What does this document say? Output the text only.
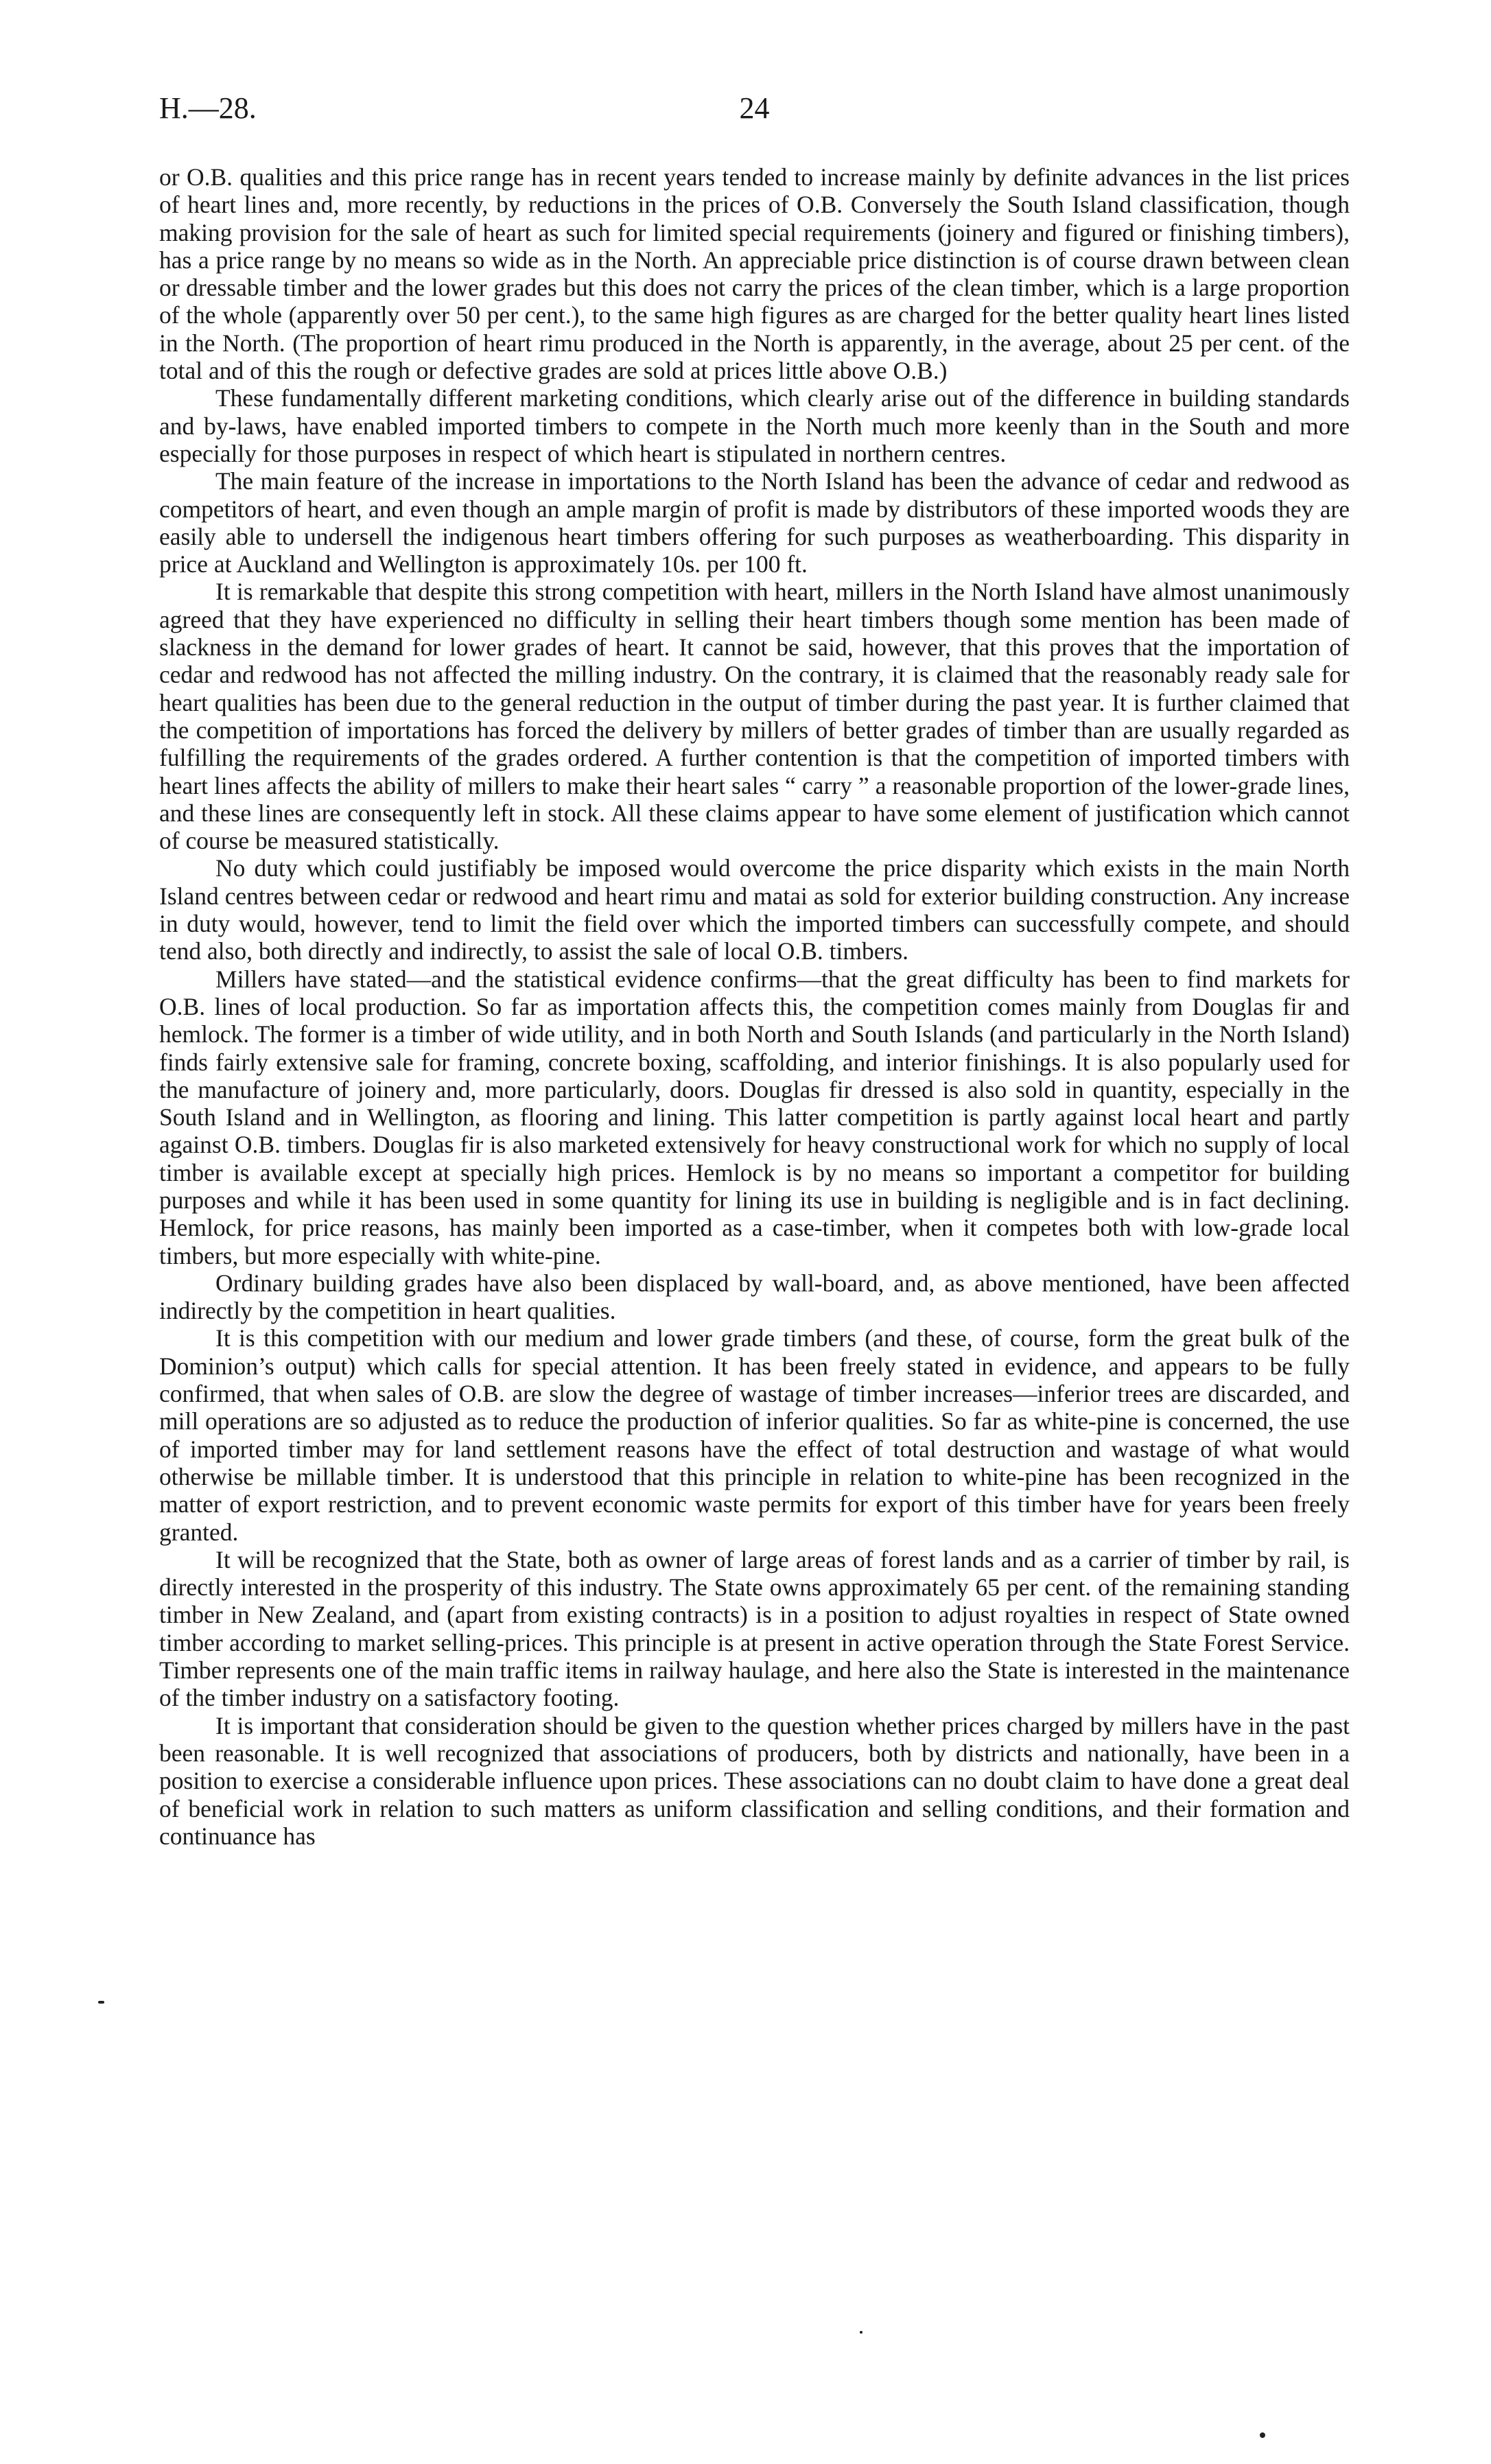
H.—28.	24

or O.B. qualities and this price range has in recent years tended to increase mainly by definite advances in the list prices of heart lines and, more recently, by reductions in the prices of O.B. Conversely the South Island classification, though making provision for the sale of heart as such for limited special requirements (joinery and figured or finishing timbers), has a price range by no means so wide as in the North. An appreciable price distinction is of course drawn between clean or dressable timber and the lower grades but this does not carry the prices of the clean timber, which is a large proportion of the whole (apparently over 50 per cent.), to the same high figures as are charged for the better quality heart lines listed in the North. (The proportion of heart rimu produced in the North is apparently, in the average, about 25 per cent. of the total and of this the rough or defective grades are sold at prices little above O.B.)

These fundamentally different marketing conditions, which clearly arise out of the difference in building standards and by-laws, have enabled imported timbers to compete in the North much more keenly than in the South and more especially for those purposes in respect of which heart is stipulated in northern centres.

The main feature of the increase in importations to the North Island has been the advance of cedar and redwood as competitors of heart, and even though an ample margin of profit is made by distributors of these imported woods they are easily able to undersell the indigenous heart timbers offering for such purposes as weatherboarding. This disparity in price at Auckland and Wellington is approximately 10s. per 100 ft.

It is remarkable that despite this strong competition with heart, millers in the North Island have almost unanimously agreed that they have experienced no difficulty in selling their heart timbers though some mention has been made of slackness in the demand for lower grades of heart. It cannot be said, however, that this proves that the importation of cedar and redwood has not affected the milling industry. On the contrary, it is claimed that the reasonably ready sale for heart qualities has been due to the general reduction in the output of timber during the past year. It is further claimed that the competition of importations has forced the delivery by millers of better grades of timber than are usually regarded as fulfilling the requirements of the grades ordered. A further contention is that the competition of imported timbers with heart lines affects the ability of millers to make their heart sales “ carry ” a reasonable proportion of the lower-grade lines, and these lines are consequently left in stock. All these claims appear to have some element of justification which cannot of course be measured statistically.

No duty which could justifiably be imposed would overcome the price disparity which exists in the main North Island centres between cedar or redwood and heart rimu and matai as sold for exterior building construction. Any increase in duty would, however, tend to limit the field over which the imported timbers can successfully compete, and should tend also, both directly and indirectly, to assist the sale of local O.B. timbers.

Millers have stated—and the statistical evidence confirms—that the great difficulty has been to find markets for O.B. lines of local production. So far as importation affects this, the competition comes mainly from Douglas fir and hemlock. The former is a timber of wide utility, and in both North and South Islands (and particularly in the North Island) finds fairly extensive sale for framing, concrete boxing, scaffolding, and interior finishings. It is also popularly used for the manufacture of joinery and, more particularly, doors. Douglas fir dressed is also sold in quantity, especially in the South Island and in Wellington, as flooring and lining. This latter competition is partly against local heart and partly against O.B. timbers. Douglas fir is also marketed extensively for heavy constructional work for which no supply of local timber is available except at specially high prices. Hemlock is by no means so important a competitor for building purposes and while it has been used in some quantity for lining its use in building is negligible and is in fact declining. Hemlock, for price reasons, has mainly been imported as a case-timber, when it competes both with low-grade local timbers, but more especially with white-pine.

Ordinary building grades have also been displaced by wall-board, and, as above mentioned, have been affected indirectly by the competition in heart qualities.

It is this competition with our medium and lower grade timbers (and these, of course, form the great bulk of the Dominion’s output) which calls for special attention. It has been freely stated in evidence, and appears to be fully confirmed, that when sales of O.B. are slow the degree of wastage of timber increases—inferior trees are discarded, and mill operations are so adjusted as to reduce the production of inferior qualities. So far as white-pine is concerned, the use of imported timber may for land settlement reasons have the effect of total destruction and wastage of what would otherwise be millable timber. It is understood that this principle in relation to white-pine has been recognized in the matter of export restriction, and to prevent economic waste permits for export of this timber have for years been freely granted.

It will be recognized that the State, both as owner of large areas of forest lands and as a carrier of timber by rail, is directly interested in the prosperity of this industry. The State owns approximately 65 per cent. of the remaining standing timber in New Zealand, and (apart from existing contracts) is in a position to adjust royalties in respect of State owned timber according to market selling-prices. This principle is at present in active operation through the State Forest Service. Timber represents one of the main traffic items in railway haulage, and here also the State is interested in the maintenance of the timber industry on a satisfactory footing.

It is important that consideration should be given to the question whether prices charged by millers have in the past been reasonable. It is well recognized that associations of producers, both by districts and nationally, have been in a position to exercise a considerable influence upon prices. These associations can no doubt claim to have done a great deal of beneficial work in relation to such matters as uniform classification and selling conditions, and their formation and continuance has
